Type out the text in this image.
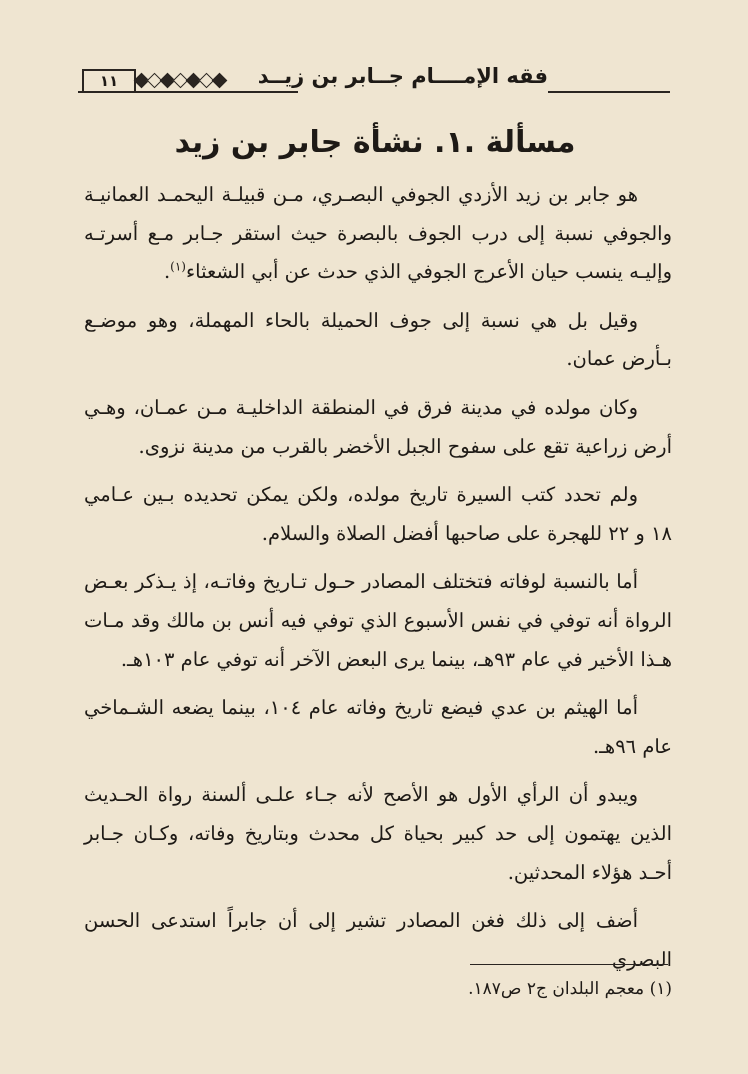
١١	فقه الإمــــام جــابر بن زيــد
مسألة .١. نشأة جابر بن زيد

هو جابر بن زيد الأزدي الجوفي البصـري، مـن قبيلـة اليحمـد العمانيـة والجوفي نسبة إلى درب الجوف بالبصرة حيث استقر جـابر مـع أسرتـه وإليـه ينسب حيان الأعرج الجوفي الذي حدث عن أبي الشعثاء$^{(١)}$.

وقيل بل هي نسبة إلى جوف الحميلة بالحاء المهملة، وهو موضـع بـأرض عمان.

وكان مولده في مدينة فرق في المنطقة الداخليـة مـن عمـان، وهـي أرض زراعية تقع على سفوح الجبل الأخضر بالقرب من مدينة نزوى.

ولم تحدد كتب السيرة تاريخ مولده، ولكن يمكن تحديده بـين عـامي ١٨ و ٢٢ للهجرة على صاحبها أفضل الصلاة والسلام.

أما بالنسبة لوفاته فتختلف المصادر حـول تـاريخ وفاتـه، إذ يـذكر بعـض الرواة أنه توفي في نفس الأسبوع الذي توفي فيه أنس بن مالك وقد مـات هـذا الأخير في عام ٩٣هـ، بينما يرى البعض الآخر أنه توفي عام ١٠٣هـ.

أما الهيثم بن عدي فيضع تاريخ وفاته عام ١٠٤، بينما يضعه الشـماخي عام ٩٦هـ.

ويبدو أن الرأي الأول هو الأصح لأنه جـاء علـى ألسنة رواة الحـديث الذين يهتمون إلى حد كبير بحياة كل محدث وبتاريخ وفاته، وكـان جـابر أحـد هؤلاء المحدثين.

أضف إلى ذلك فغن المصادر تشير إلى أن جابراً استدعى الحسن البصري

(١) معجم البلدان ج٢ ص١٨٧.
